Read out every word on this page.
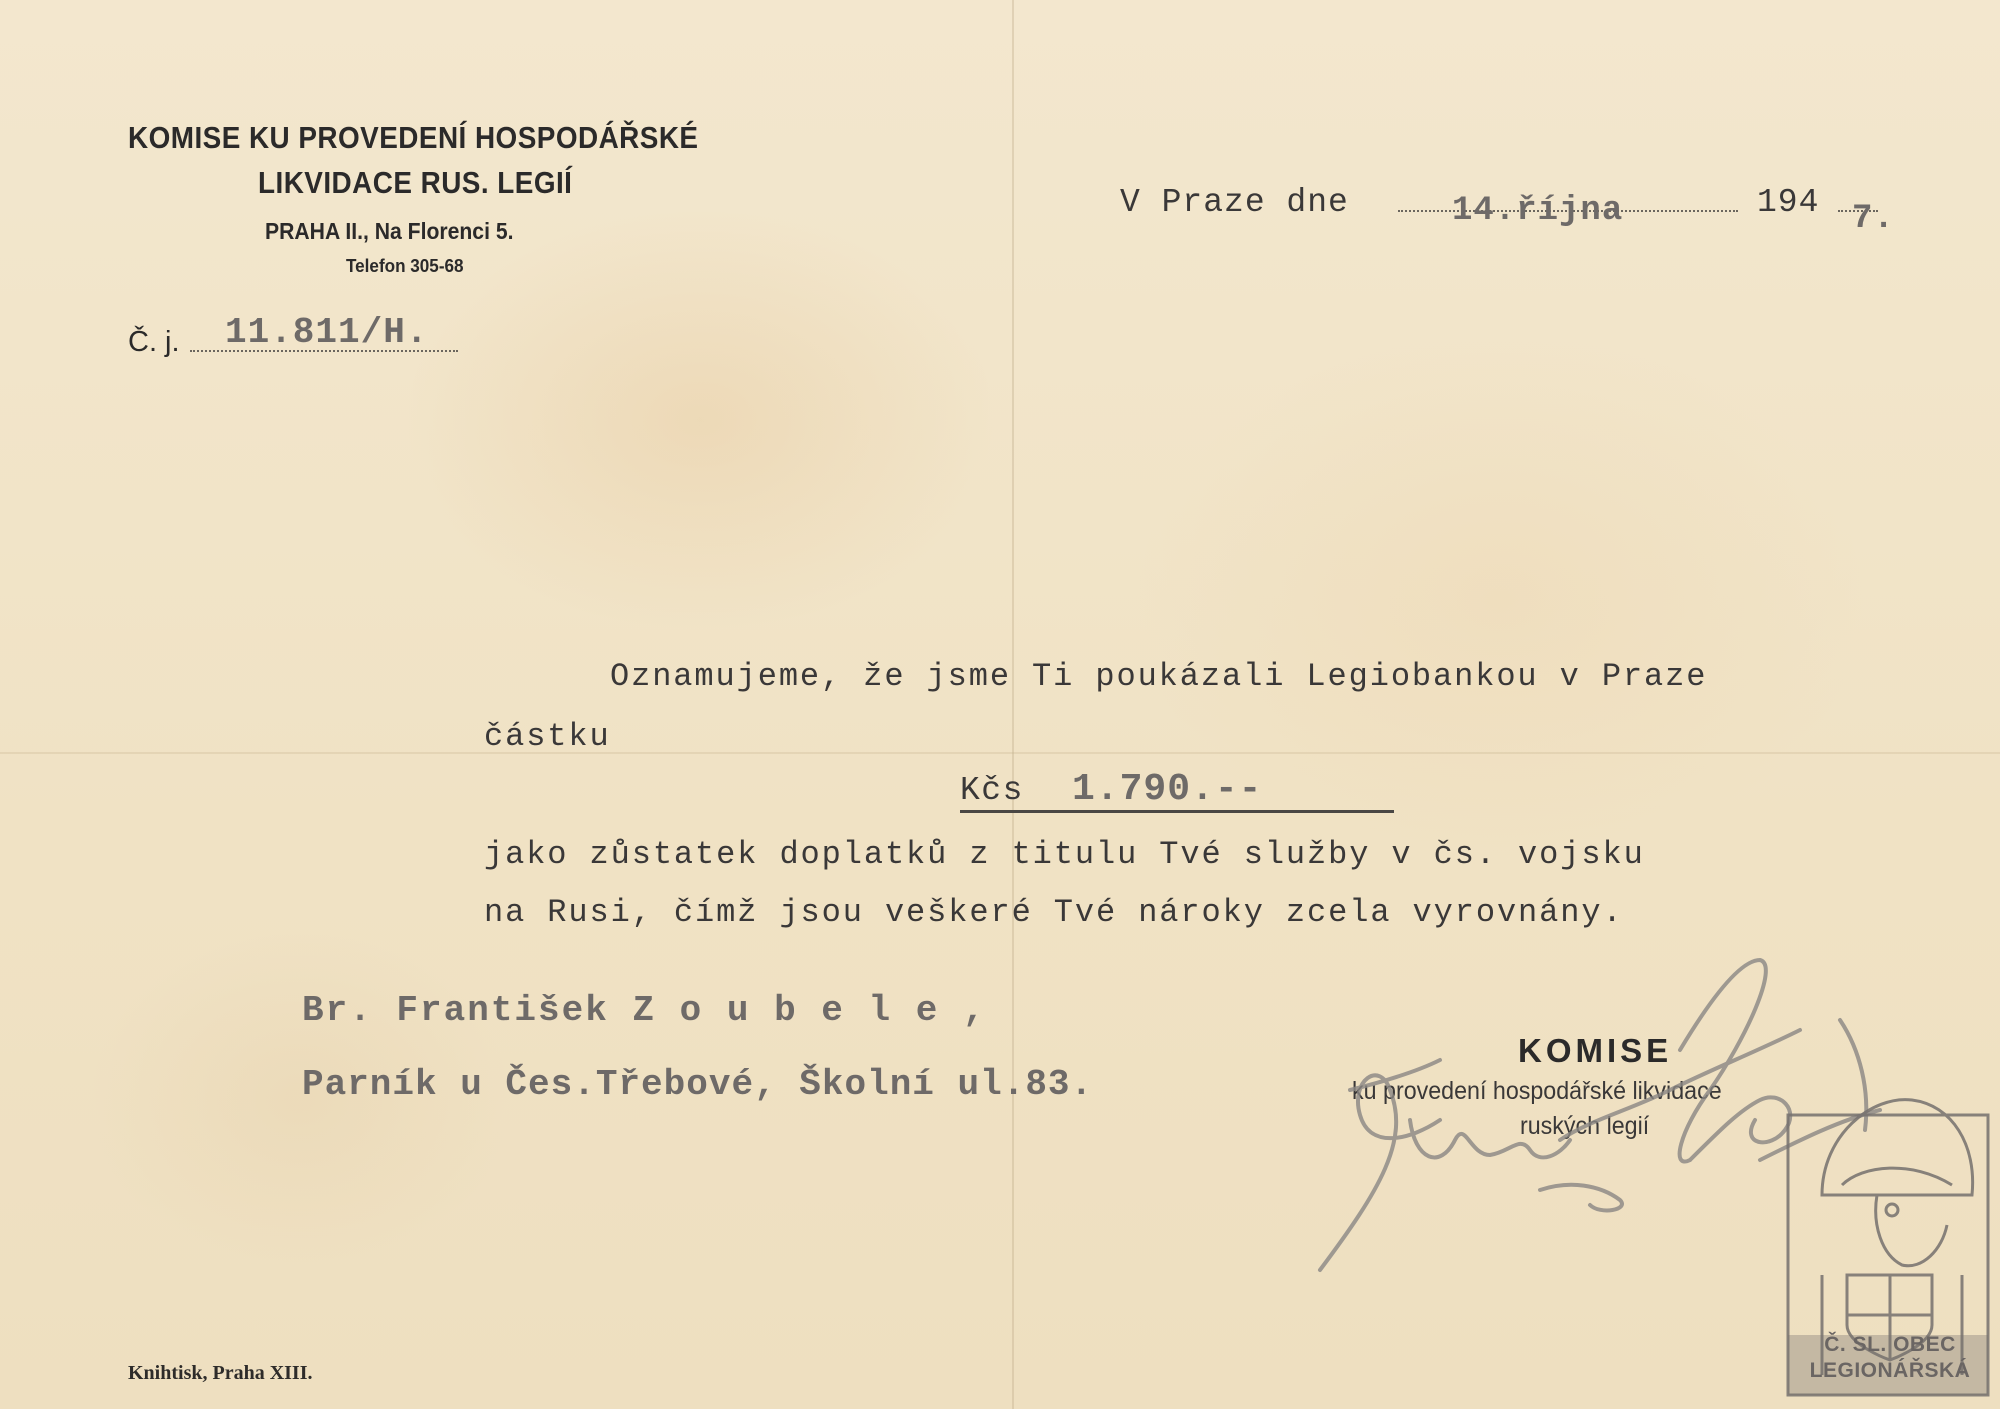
KOMISE KU PROVEDENÍ HOSPODÁŘSKÉ
LIKVIDACE RUS. LEGIÍ
PRAHA II., Na Florenci 5.
Telefon 305-68
Č. j. 11.811/H.
V Praze dne	14.října	194 7.
Oznamujeme, že jsme Ti poukázali Legiobankou v Praze
částku
Kčs 1.790.--
jako zůstatek doplatků z titulu Tvé služby v čs. vojsku
na Rusi, čímž jsou veškeré Tvé nároky zcela vyrovnány.
Br. František Z o u b e l e ,
Parník u Čes.Třebové, Školní ul.83.
KOMISE
ku provedení hospodářské likvidace
ruských legií
Č. SL. OBEC
LEGIONÁŘSKÁ
Knihtisk, Praha XIII.
